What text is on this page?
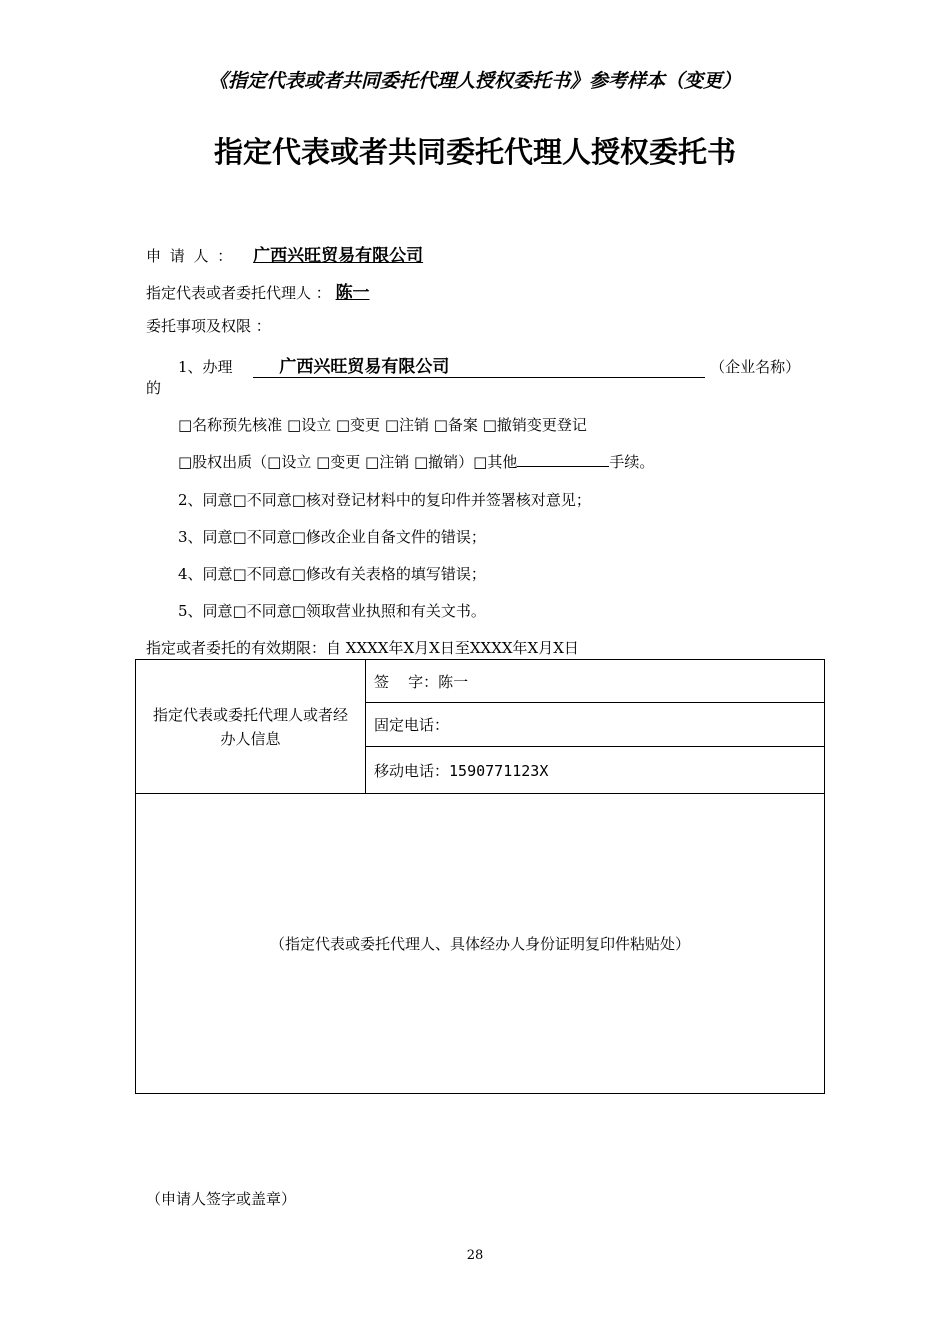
《指定代表或者共同委托代理人授权委托书》参考样本（变更）
指定代表或者共同委托代理人授权委托书
申 请 人 ： 广西兴旺贸易有限公司
指定代表或者委托代理人 ： 陈一
委托事项及权限 ：
1、办理	广西兴旺贸易有限公司	（企业名称）
的
□名称预先核准 □设立 □变更 □注销 □备案 □撤销变更登记
□股权出质（□设立 □变更 □注销 □撤销）□其他	手续。
2、同意□不同意□核对登记材料中的复印件并签署核对意见；
3、同意□不同意□修改企业自备文件的错误；
4、同意□不同意□修改有关表格的填写错误；
5、同意□不同意□领取营业执照和有关文书。
指定或者委托的有效期限：自 XXXX年X月X日至XXXX年X月X日
指定代表或委托代理人或者经办人信息	签    字：陈一
固定电话：
移动电话：1590771123X
（指定代表或委托代理人、具体经办人身份证明复印件粘贴处）
（申请人签字或盖章）
28
